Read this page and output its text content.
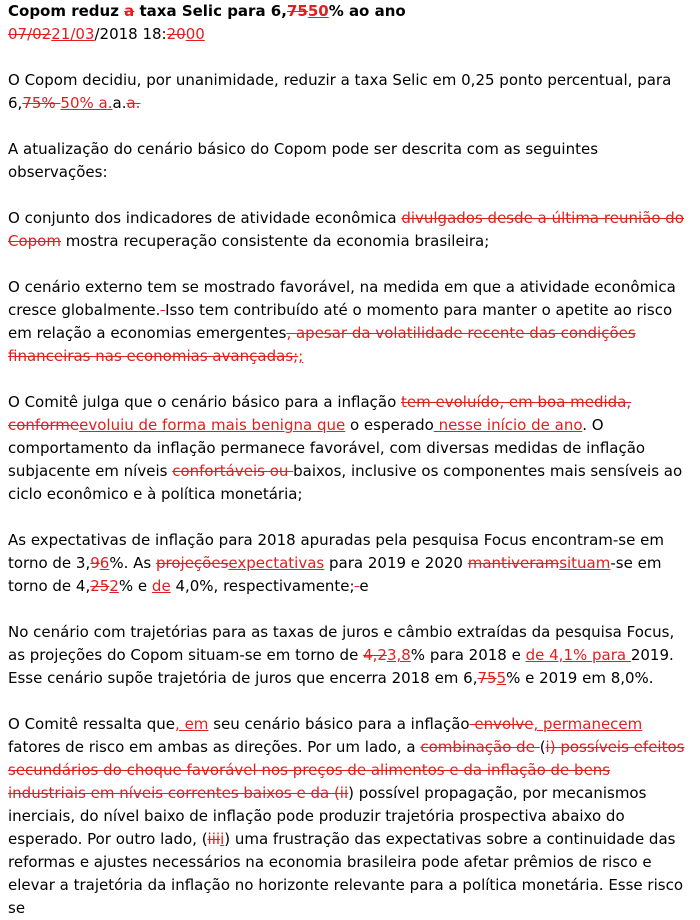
Copom reduz a taxa Selic para 6,7550% ao ano

07/0221/03/2018 18:2000

O Copom decidiu, por unanimidade, reduzir a taxa Selic em 0,25 ponto percentual, para 6,75% 50% a.a.a.

A atualização do cenário básico do Copom pode ser descrita com as seguintes observações:

O conjunto dos indicadores de atividade econômica divulgados desde a última reunião do Copom mostra recuperação consistente da economia brasileira;

O cenário externo tem se mostrado favorável, na medida em que a atividade econômica cresce globalmente. Isso tem contribuído até o momento para manter o apetite ao risco em relação a economias emergentes, apesar da volatilidade recente das condições financeiras nas economias avançadas;;

O Comitê julga que o cenário básico para a inflação tem evoluído, em boa medida, conformeevoluiu de forma mais benigna que o esperado nesse início de ano. O comportamento da inflação permanece favorável, com diversas medidas de inflação subjacente em níveis confortáveis ou baixos, inclusive os componentes mais sensíveis ao ciclo econômico e à política monetária;

As expectativas de inflação para 2018 apuradas pela pesquisa Focus encontram-se em torno de 3,96%. As projeçõesexpectativas para 2019 e 2020 mantiveramsituam-se em torno de 4,252% e de 4,0%, respectivamente; e

No cenário com trajetórias para as taxas de juros e câmbio extraídas da pesquisa Focus, as projeções do Copom situam-se em torno de 4,23,8% para 2018 e de 4,1% para 2019. Esse cenário supõe trajetória de juros que encerra 2018 em 6,755% e 2019 em 8,0%.

O Comitê ressalta que, em seu cenário básico para a inflação envolve, permanecem fatores de risco em ambas as direções. Por um lado, a combinação de (i) possíveis efeitos secundários do choque favorável nos preços de alimentos e da inflação de bens industriais em níveis correntes baixos e da (ii) possível propagação, por mecanismos inerciais, do nível baixo de inflação pode produzir trajetória prospectiva abaixo do esperado. Por outro lado, (iiii) uma frustração das expectativas sobre a continuidade das reformas e ajustes necessários na economia brasileira pode afetar prêmios de risco e elevar a trajetória da inflação no horizonte relevante para a política monetária. Esse risco se
